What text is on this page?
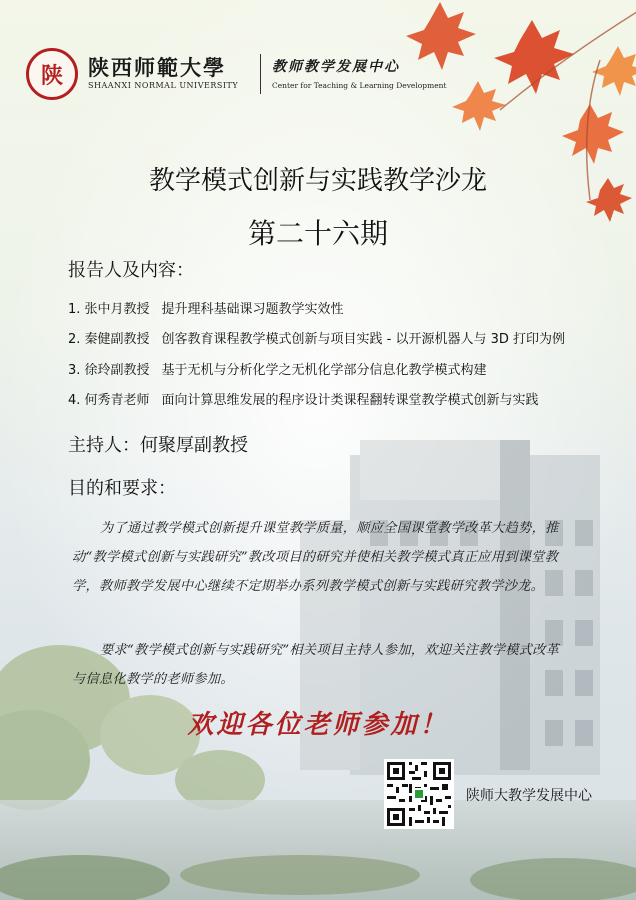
陕 陕西师範大學
SHAANXI NORMAL UNIVERSITY
教师教学发展中心
Center for Teaching & Learning Development
教学模式创新与实践教学沙龙
第二十六期
报告人及内容：
1. 张中月教授 提升理科基础课习题教学实效性
2. 秦健副教授 创客教育课程教学模式创新与项目实践 - 以开源机器人与 3D 打印为例
3. 徐玲副教授 基于无机与分析化学之无机化学部分信息化教学模式构建
4. 何秀青老师 面向计算思维发展的程序设计类课程翻转课堂教学模式创新与实践
主持人：何聚厚副教授
目的和要求：
为了通过教学模式创新提升课堂教学质量，顺应全国课堂教学改革大趋势，推动“教学模式创新与实践研究”教改项目的研究并使相关教学模式真正应用到课堂教学，教师教学发展中心继续不定期举办系列教学模式创新与实践研究教学沙龙。
要求“教学模式创新与实践研究”相关项目主持人参加，欢迎关注教学模式改革与信息化教学的老师参加。
欢迎各位老师参加！
陕师大教学发展中心
